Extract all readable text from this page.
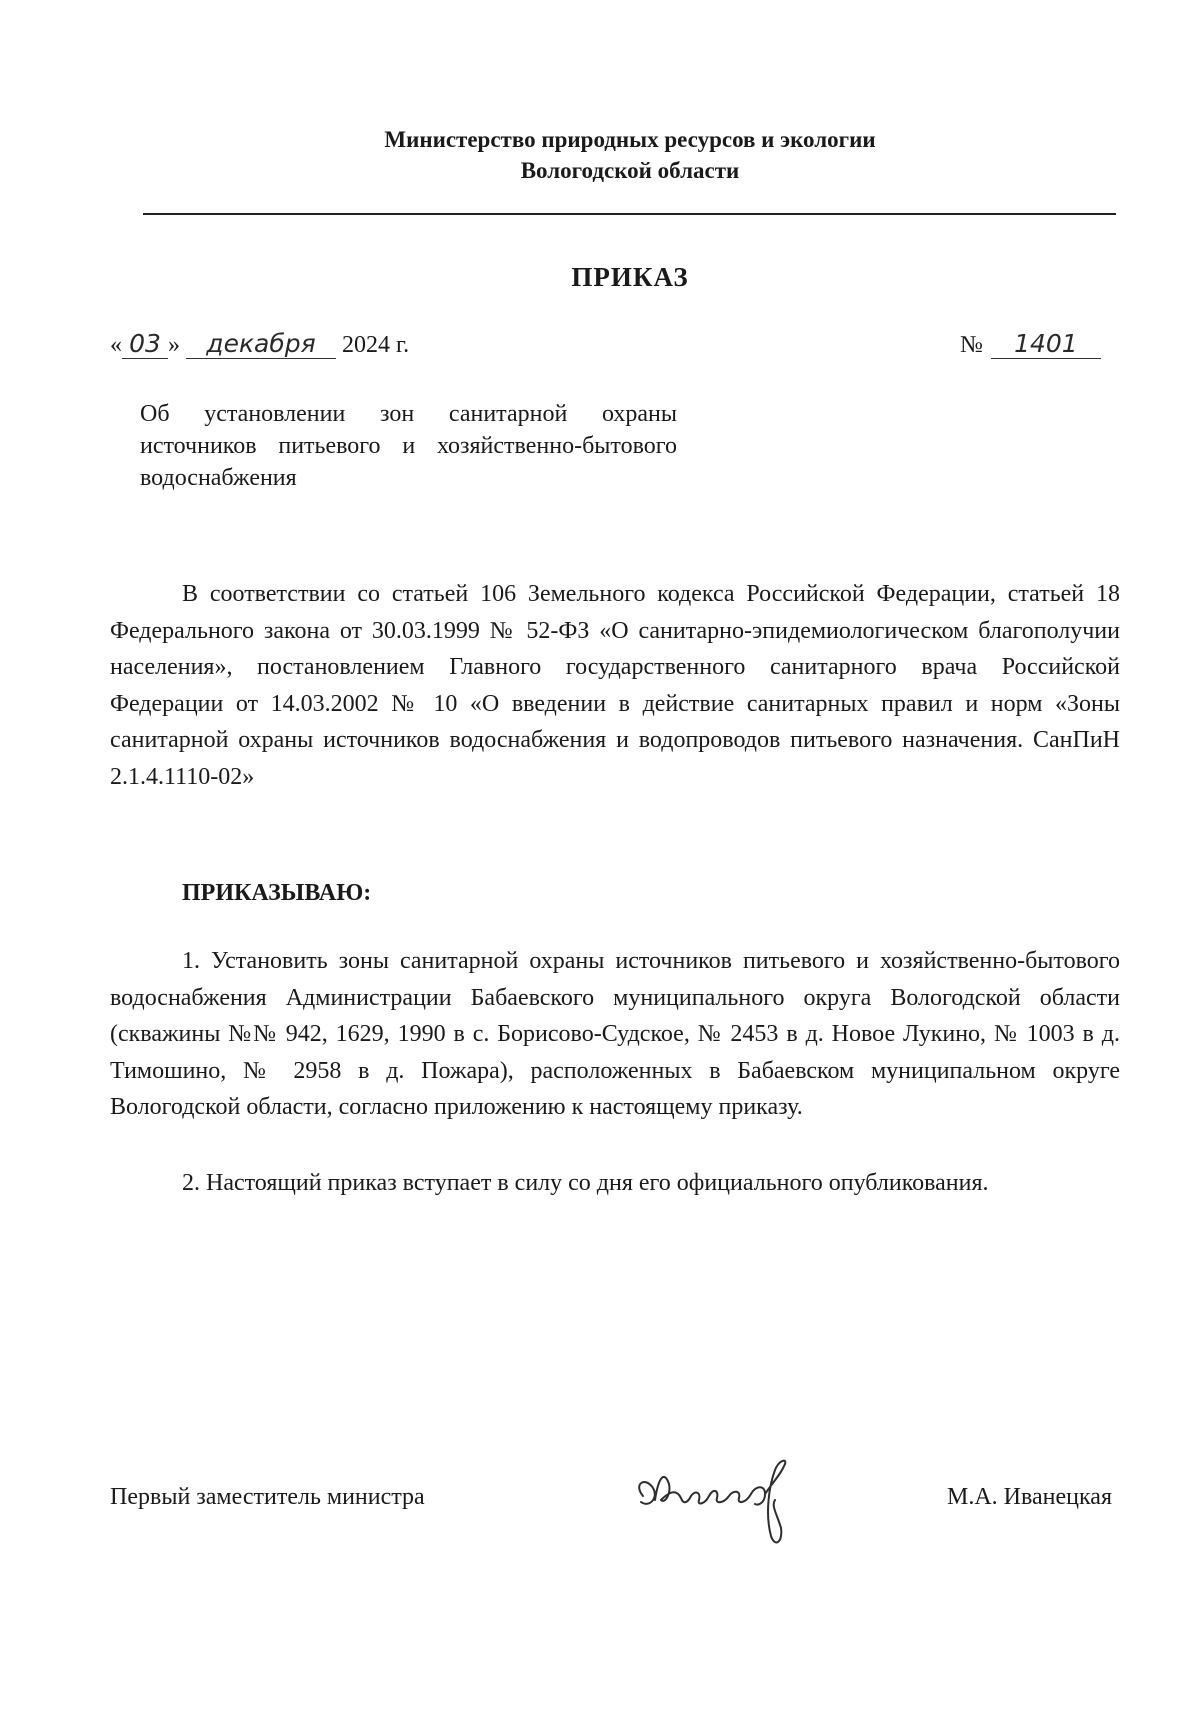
Министерство природных ресурсов и экологии
Вологодской области
ПРИКАЗ
« 03 » декабря 2024 г.	№ 1401
Об установлении зон санитарной охраны источников питьевого и хозяйственно-бытового водоснабжения

В соответствии со статьей 106 Земельного кодекса Российской Федерации, статьей 18 Федерального закона от 30.03.1999 № 52-ФЗ «О санитарно-эпидемиологическом благополучии населения», постановлением Главного государственного санитарного врача Российской Федерации от 14.03.2002 № 10 «О введении в действие санитарных правил и норм «Зоны санитарной охраны источников водоснабжения и водопроводов питьевого назначения. СанПиН 2.1.4.1110-02»

ПРИКАЗЫВАЮ:

1. Установить зоны санитарной охраны источников питьевого и хозяйственно-бытового водоснабжения Администрации Бабаевского муниципального округа Вологодской области (скважины №№ 942, 1629, 1990 в с. Борисово-Судское, № 2453 в д. Новое Лукино, № 1003 в д. Тимошино, № 2958 в д. Пожара), расположенных в Бабаевском муниципальном округе Вологодской области, согласно приложению к настоящему приказу.

2. Настоящий приказ вступает в силу со дня его официального опубликования.

Первый заместитель министра	М.А. Иванецкая
